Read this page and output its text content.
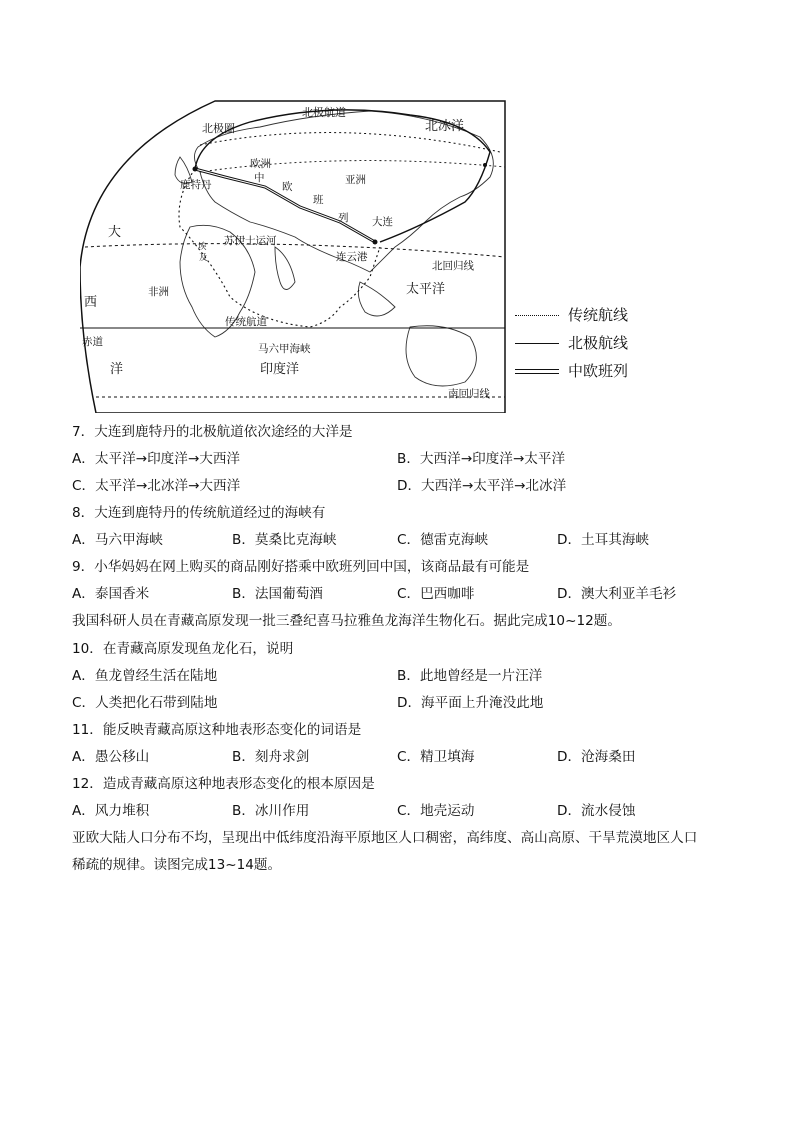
北极航道
北极圈	北冰洋
欧洲
鹿特丹
中
欧
亚洲
班
列 大连
大
苏伊士运河
埃
及	连云港
北回归线
西
非洲	太平洋
传统航道
赤道
马六甲海峡
洋	印度洋
南回归线
传统航线
北极航线
中欧班列
7．大连到鹿特丹的北极航道依次途经的大洋是
A．太平洋→印度洋→大西洋	B．大西洋→印度洋→太平洋
C．太平洋→北冰洋→大西洋	D．大西洋→太平洋→北冰洋
8．大连到鹿特丹的传统航道经过的海峡有
A．马六甲海峡	B．莫桑比克海峡	C．德雷克海峡	D．土耳其海峡
9．小华妈妈在网上购买的商品刚好搭乘中欧班列回中国，该商品最有可能是
A．泰国香米	B．法国葡萄酒	C．巴西咖啡	D．澳大利亚羊毛衫
我国科研人员在青藏高原发现一批三叠纪喜马拉雅鱼龙海洋生物化石。据此完成10~12题。
10．在青藏高原发现鱼龙化石，说明
A．鱼龙曾经生活在陆地	B．此地曾经是一片汪洋
C．人类把化石带到陆地	D．海平面上升淹没此地
11．能反映青藏高原这种地表形态变化的词语是
A．愚公移山	B．刻舟求剑	C．精卫填海	D．沧海桑田
12．造成青藏高原这种地表形态变化的根本原因是
A．风力堆积	B．冰川作用	C．地壳运动	D．流水侵蚀
亚欧大陆人口分布不均，呈现出中低纬度沿海平原地区人口稠密，高纬度、高山高原、干旱荒漠地区人口
稀疏的规律。读图完成13~14题。
